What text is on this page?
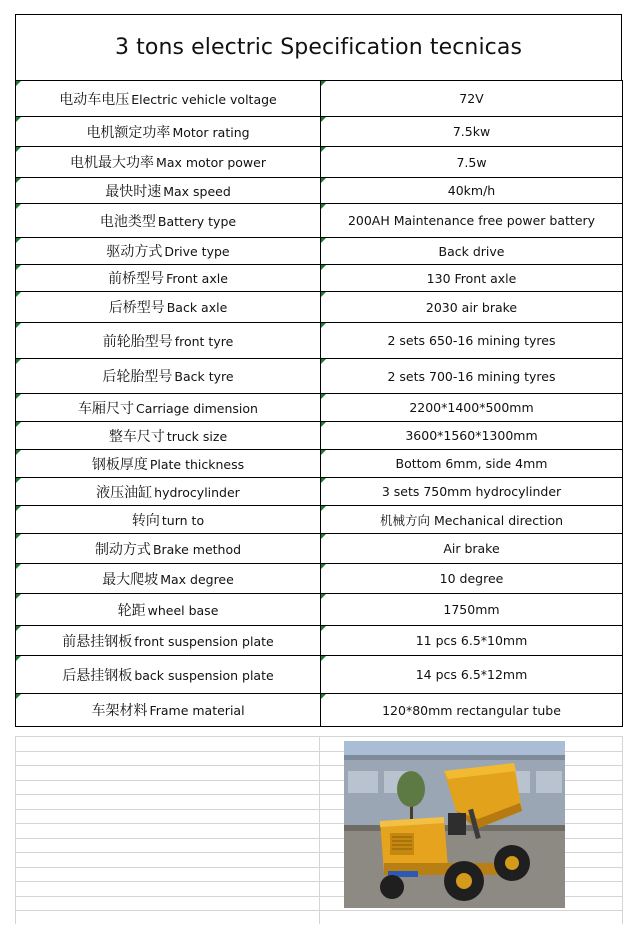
3 tons electric Specification tecnicas
电动车电压 Electric vehicle voltage	72V
电机额定功率 Motor rating	7.5kw
电机最大功率 Max motor power	7.5w
最快时速 Max speed	40km/h
电池类型 Battery type	200AH Maintenance free power battery
驱动方式 Drive type	Back drive
前桥型号 Front axle	130 Front axle
后桥型号 Back axle	2030 air brake
前轮胎型号 front tyre	2 sets 650-16 mining tyres
后轮胎型号 Back tyre	2 sets 700-16 mining tyres
车厢尺寸 Carriage dimension	2200*1400*500mm
整车尺寸 truck size	3600*1560*1300mm
钢板厚度 Plate thickness	Bottom 6mm, side 4mm
液压油缸 hydrocylinder	3 sets 750mm hydrocylinder
转向 turn to	机械方向 Mechanical direction
制动方式 Brake method	Air brake
最大爬坡 Max degree	10 degree
轮距 wheel base	1750mm
前悬挂钢板 front suspension plate	11 pcs 6.5*10mm
后悬挂钢板 back suspension plate	14 pcs 6.5*12mm
车架材料 Frame material	120*80mm rectangular tube
